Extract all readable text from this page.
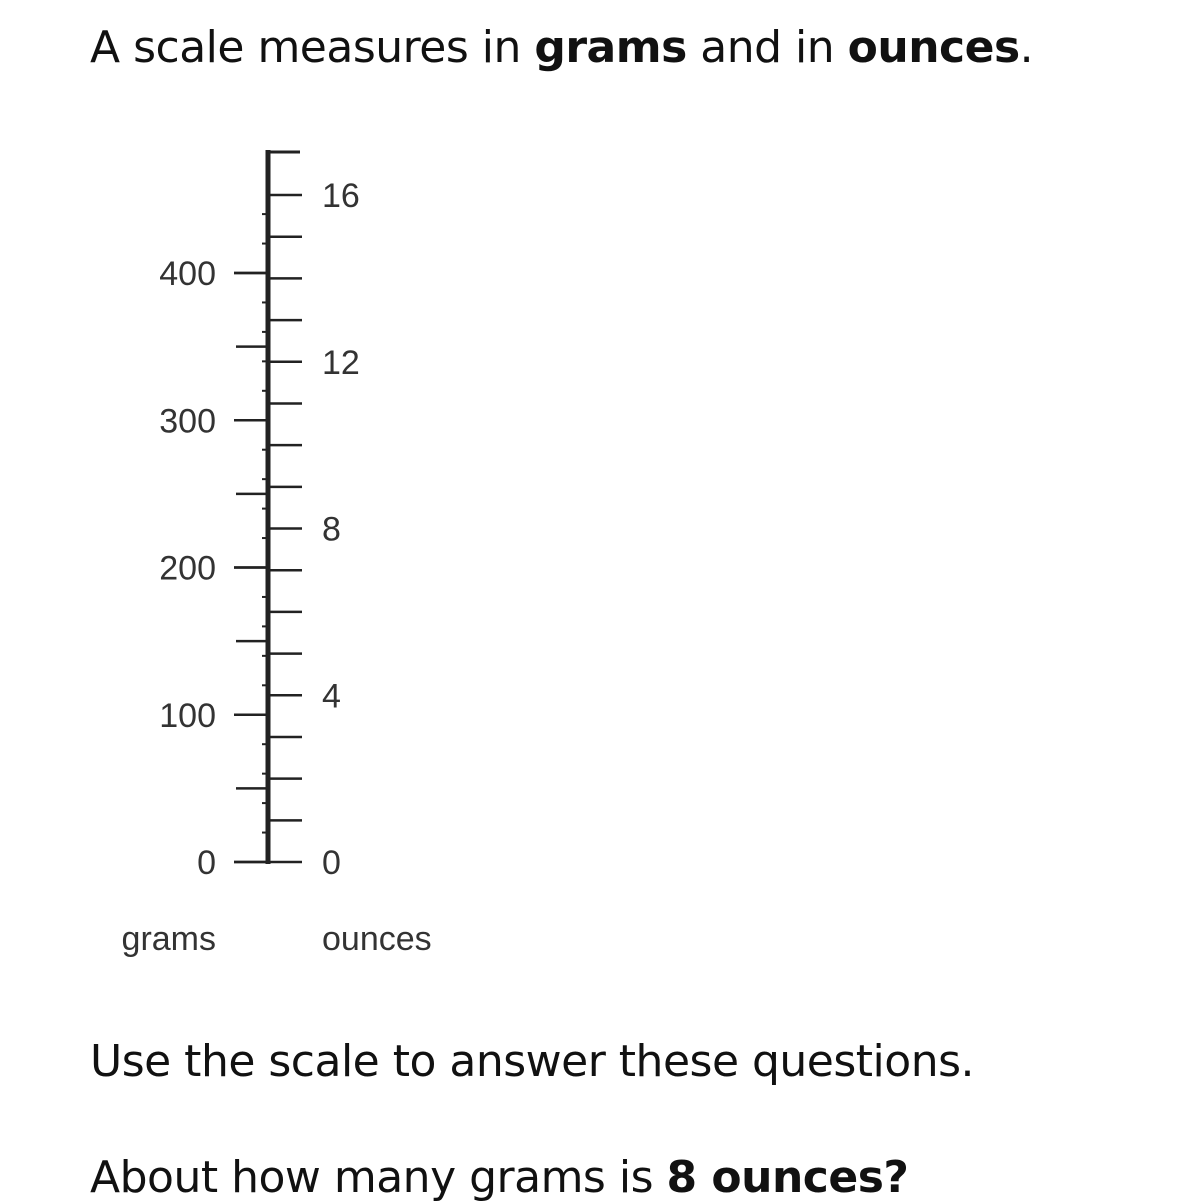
A scale measures in grams and in ounces.
0
100
200
300
400
0
4
8
12
16
grams	ounces

Use the scale to answer these questions.

About how many grams is 8 ounces?
